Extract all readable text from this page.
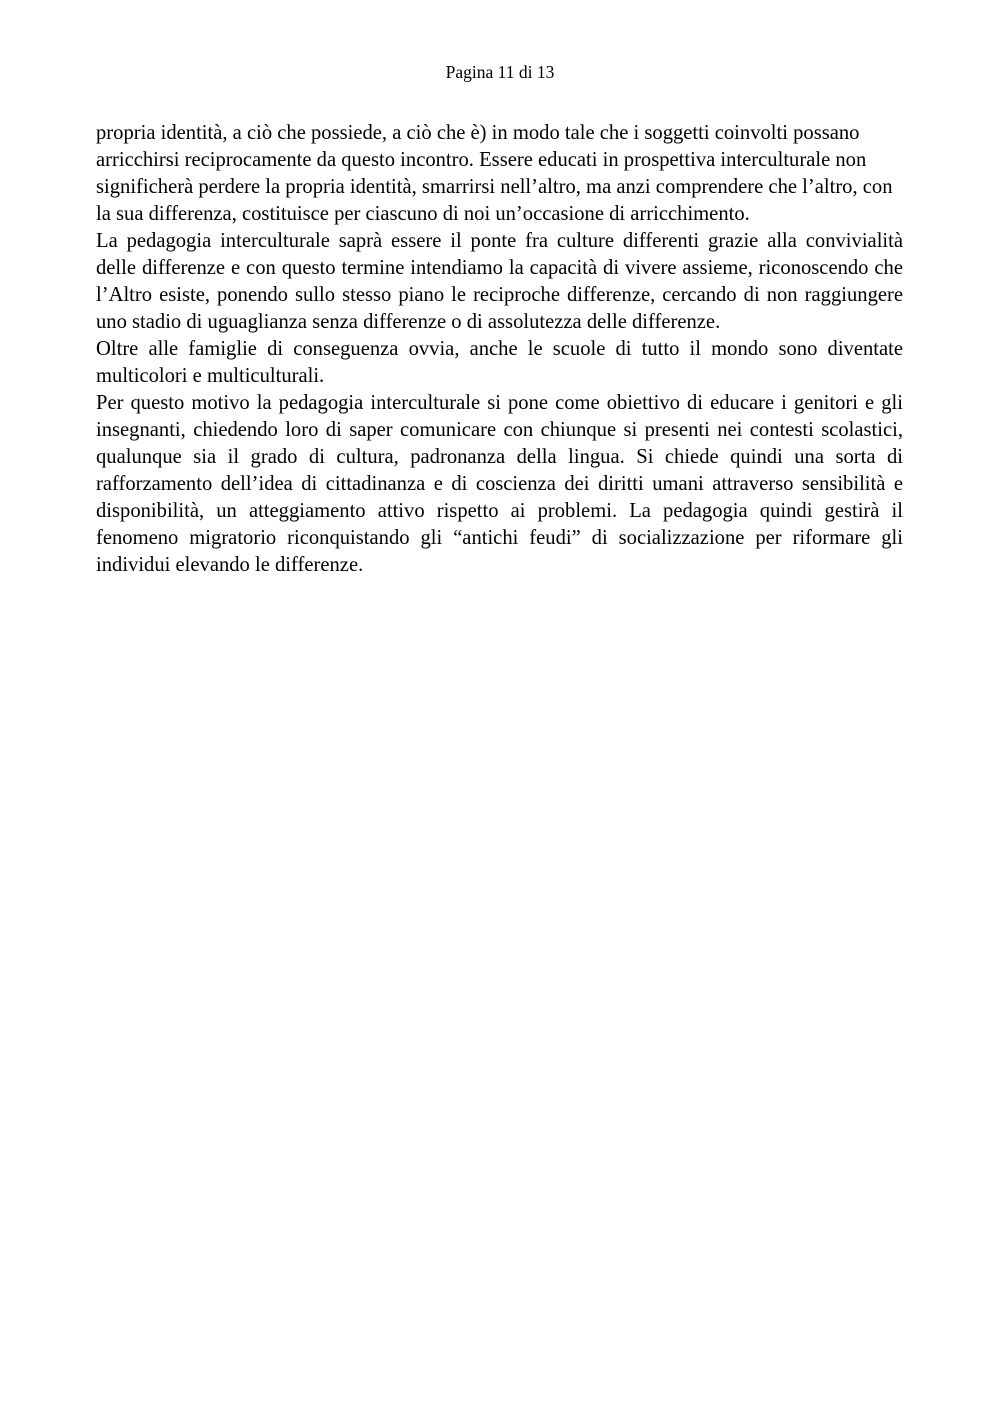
Pagina 11 di 13

propria identità, a ciò che possiede, a ciò che è) in modo tale che i soggetti coinvolti possano arricchirsi reciprocamente da questo incontro. Essere educati in prospettiva interculturale non significherà perdere la propria identità, smarrirsi nell’altro, ma anzi comprendere che l’altro, con la sua differenza, costituisce per ciascuno di noi un’occasione di arricchimento.

La pedagogia interculturale saprà essere il ponte fra culture differenti grazie alla convivialità delle differenze e con questo termine intendiamo la capacità di vivere assieme, riconoscendo che l’Altro esiste, ponendo sullo stesso piano le reciproche differenze, cercando di non raggiungere uno stadio di uguaglianza senza differenze o di assolutezza delle differenze.

Oltre alle famiglie di conseguenza ovvia, anche le scuole di tutto il mondo sono diventate multicolori e multiculturali.

Per questo motivo la pedagogia interculturale si pone come obiettivo di educare i genitori e gli insegnanti, chiedendo loro di saper comunicare con chiunque si presenti nei contesti scolastici, qualunque sia il grado di cultura, padronanza della lingua. Si chiede quindi una sorta di rafforzamento dell’idea di cittadinanza e di coscienza dei diritti umani attraverso sensibilità e disponibilità, un atteggiamento attivo rispetto ai problemi. La pedagogia quindi gestirà il fenomeno migratorio riconquistando gli “antichi feudi” di socializzazione per riformare gli individui elevando le differenze.
